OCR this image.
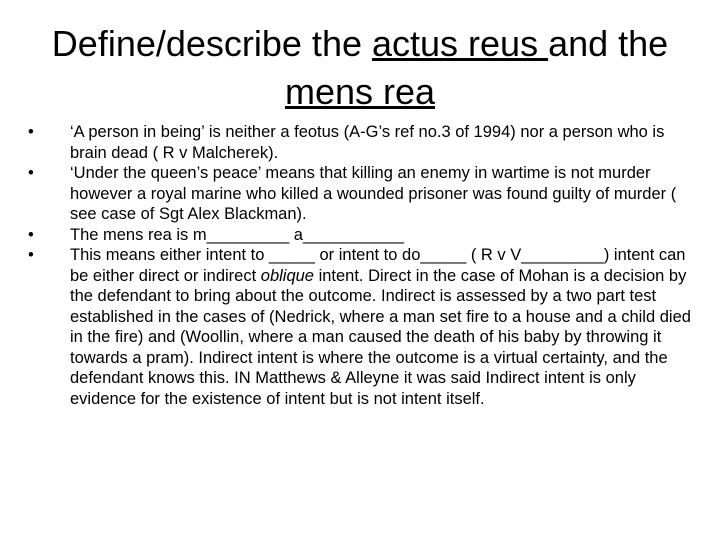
Define/describe the actus reus and the
mens rea
• ‘A person in being’ is neither a feotus (A-G’s ref no.3 of 1994) nor a person who is brain dead ( R v Malcherek).
• ‘Under the queen’s peace’ means that killing an enemy in wartime is not murder however a royal marine who killed a wounded prisoner was found guilty of murder ( see case of Sgt Alex Blackman).
• The mens rea is m_________ a___________
• This means either intent to _____ or intent to do_____ ( R v V_________) intent can be either direct or indirect oblique intent. Direct in the case of Mohan is a decision by the defendant to bring about the outcome. Indirect is assessed by a two part test established in the cases of (Nedrick, where a man set fire to a house and a child died in the fire) and (Woollin, where a man caused the death of his baby by throwing it towards a pram). Indirect intent is where the outcome is a virtual certainty, and the defendant knows this. IN Matthews & Alleyne it was said Indirect intent is only evidence for the existence of intent but is not intent itself.
